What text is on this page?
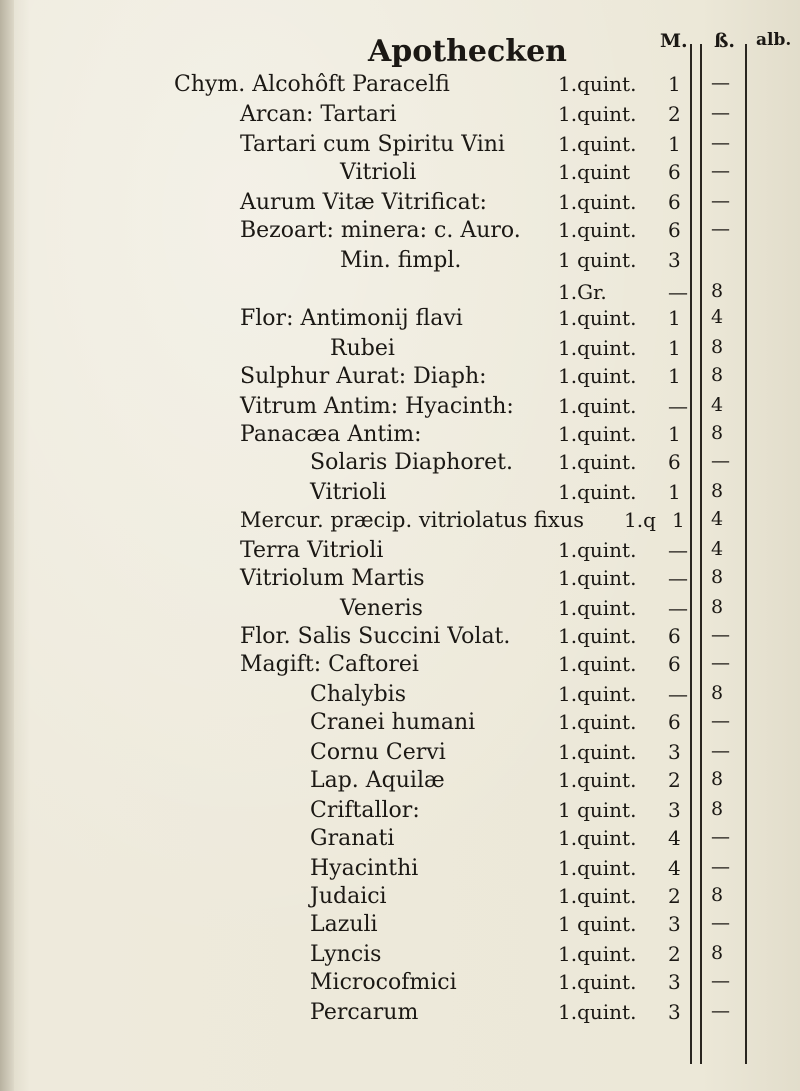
Apothecken	M. ß. alb.
Chym. Alcohôft Paracelfi	1.quint. 1	—
Arcan: Tartari	1.quint. 2	—
Tartari cum Spiritu Vini	1.quint. 1	—
Vitrioli	1.quint 6	—
Aurum Vitæ Vitrificat:	1.quint. 6	—
Bezoart: minera: c. Auro. 1.quint. 6	—
Min. fimpl.	1 quint. 3
1.Gr.	—	8
Flor: Antimonij flavi	1.quint. 1	4
Rubei	1.quint. 1	8
Sulphur Aurat: Diaph:	1.quint. 1	8
Vitrum Antim: Hyacinth: 1.quint. —	4
Panacæa Antim:	1.quint. 1	8
Solaris Diaphoret. 1.quint. 6	—
Vitrioli	1.quint. 1	8
Mercur. præcip. vitriolatus fixus 1.q 1	4
Terra Vitrioli	1.quint. —	4
Vitriolum Martis	1.quint. —	8
Veneris	1.quint. —	8
Flor. Salis Succini Volat. 1.quint. 6	—
Magift: Caftorei	1.quint. 6	—
Chalybis	1.quint. —	8
Cranei humani	1.quint. 6	—
Cornu Cervi	1.quint. 3	—
Lap. Aquilæ	1.quint. 2	8
Criftallor:	1 quint. 3	8
Granati	1.quint. 4	—
Hyacinthi	1.quint. 4	—
Judaici	1.quint. 2	8
Lazuli	1 quint. 3	—
Lyncis	1.quint. 2	8
Microcofmici	1.quint. 3	—
Percarum	1.quint. 3	—
